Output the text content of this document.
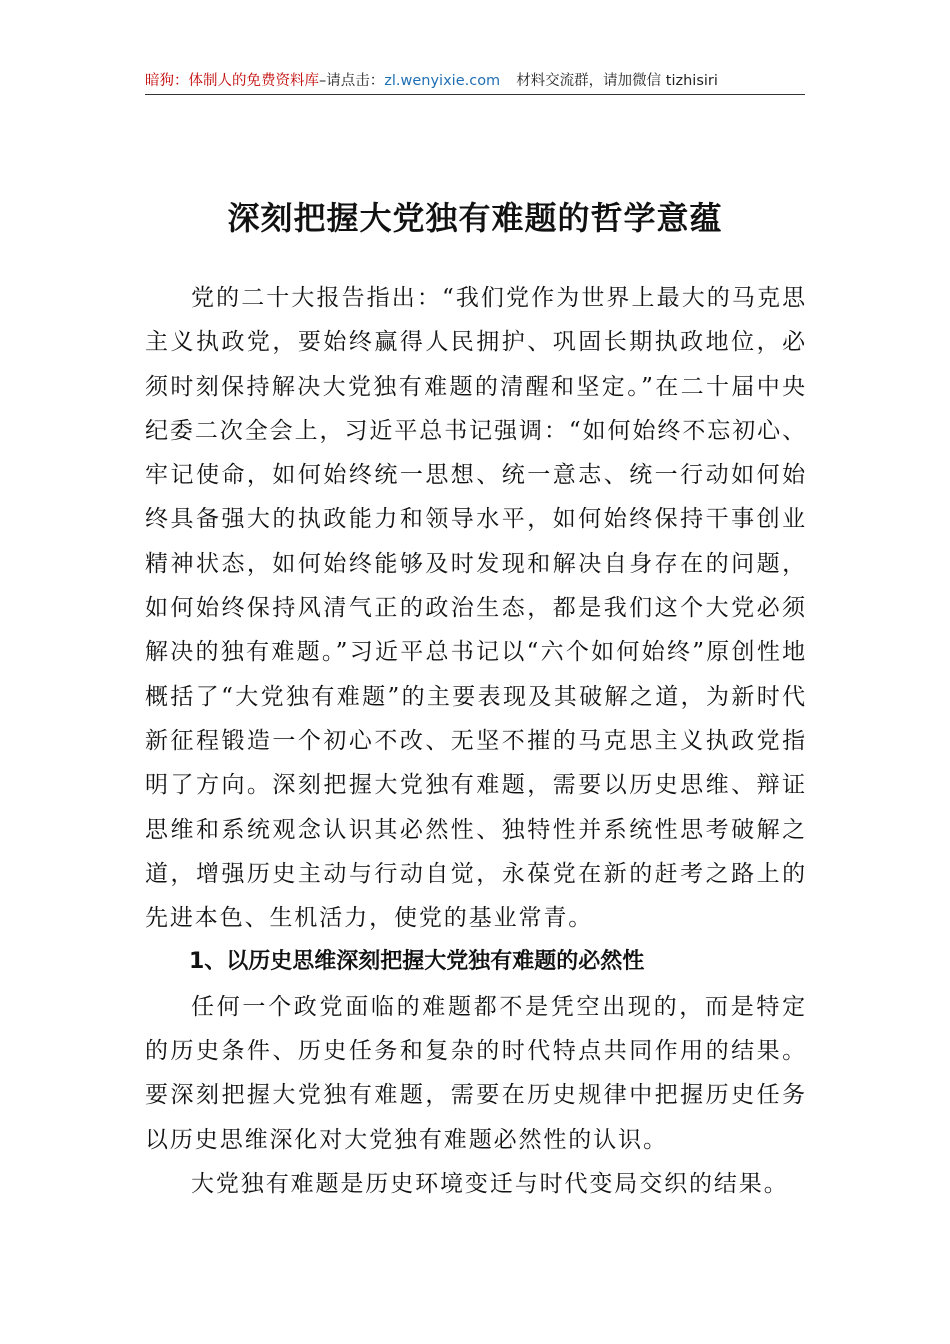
暗狗：体制人的免费资料库–请点击：zl.wenyixie.com 材料交流群，请加微信 tizhisiri
深刻把握大党独有难题的哲学意蕴

党的二十大报告指出：“我们党作为世界上最大的马克思主义执政党，要始终赢得人民拥护、巩固长期执政地位，必须时刻保持解决大党独有难题的清醒和坚定。”在二十届中央纪委二次全会上，习近平总书记强调：“如何始终不忘初心、牢记使命，如何始终统一思想、统一意志、统一行动如何始终具备强大的执政能力和领导水平，如何始终保持干事创业精神状态，如何始终能够及时发现和解决自身存在的问题，如何始终保持风清气正的政治生态，都是我们这个大党必须解决的独有难题。”习近平总书记以“六个如何始终”原创性地概括了“大党独有难题”的主要表现及其破解之道，为新时代新征程锻造一个初心不改、无坚不摧的马克思主义执政党指明了方向。深刻把握大党独有难题，需要以历史思维、辩证思维和系统观念认识其必然性、独特性并系统性思考破解之道，增强历史主动与行动自觉，永葆党在新的赶考之路上的先进本色、生机活力，使党的基业常青。

1、以历史思维深刻把握大党独有难题的必然性

任何一个政党面临的难题都不是凭空出现的，而是特定的历史条件、历史任务和复杂的时代特点共同作用的结果。要深刻把握大党独有难题，需要在历史规律中把握历史任务以历史思维深化对大党独有难题必然性的认识。

大党独有难题是历史环境变迁与时代变局交织的结果。
